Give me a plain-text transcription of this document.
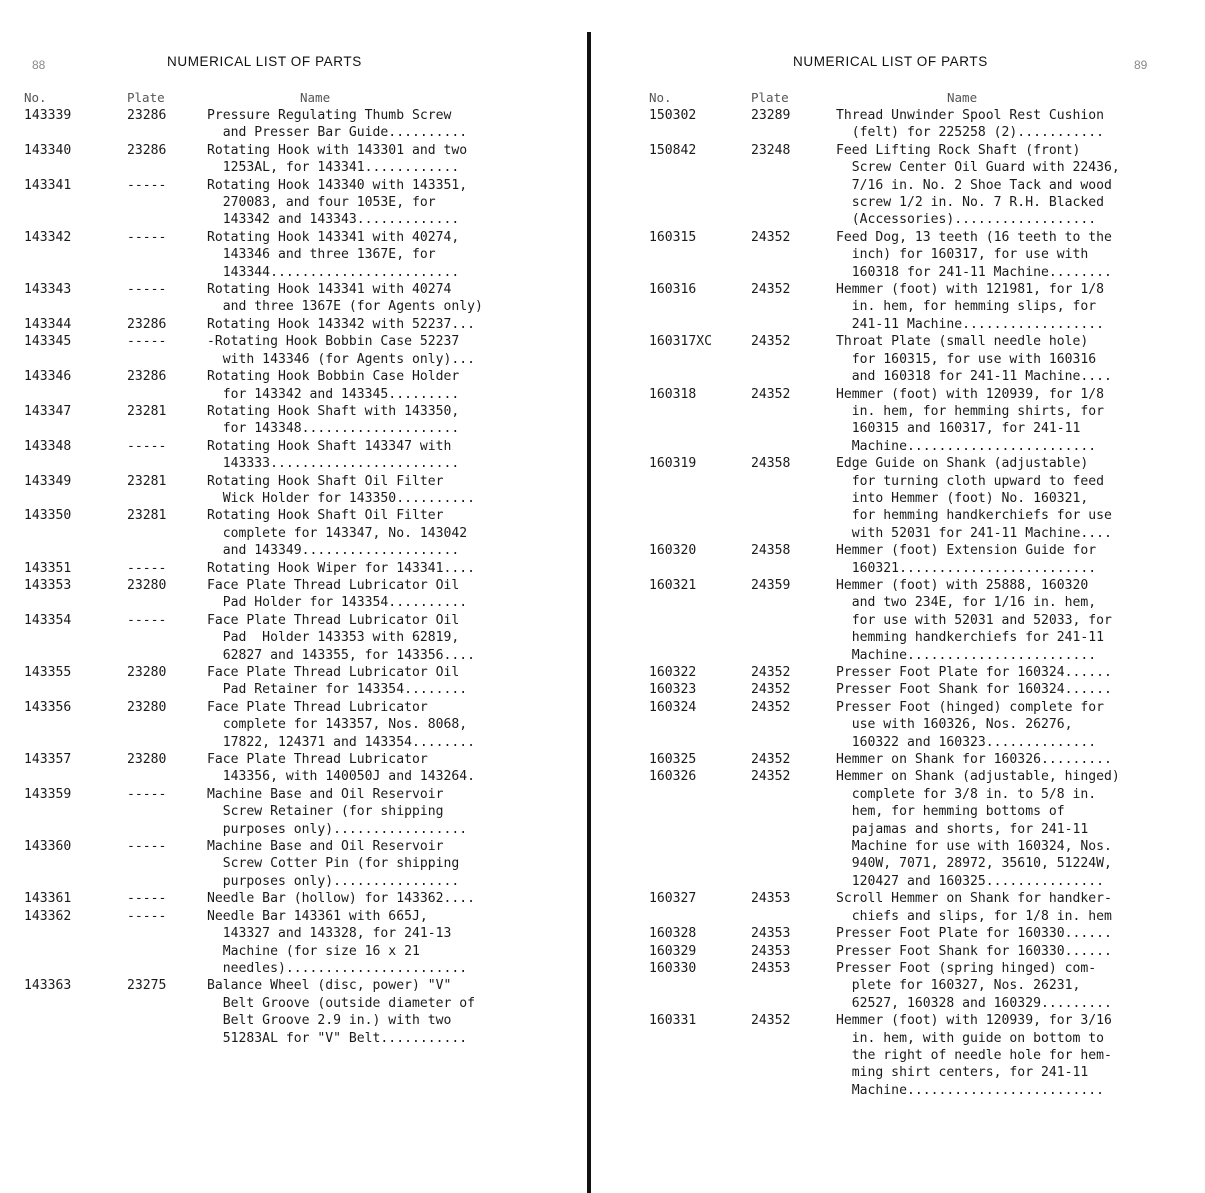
88	NUMERICAL LIST OF PARTS
No.	Plate	Name
143339	23286	Pressure Regulating Thumb Screw
and Presser Bar Guide..........
143340	23286	Rotating Hook with 143301 and two
1253AL, for 143341............
143341	-----	Rotating Hook 143340 with 143351,
270083, and four 1053E, for
143342 and 143343.............
143342	-----	Rotating Hook 143341 with 40274,
143346 and three 1367E, for
143344........................
143343	-----	Rotating Hook 143341 with 40274
and three 1367E (for Agents only)
143344	23286	Rotating Hook 143342 with 52237...
143345	-----	-Rotating Hook Bobbin Case 52237
with 143346 (for Agents only)...
143346	23286	Rotating Hook Bobbin Case Holder
for 143342 and 143345.........
143347	23281	Rotating Hook Shaft with 143350,
for 143348....................
143348	-----	Rotating Hook Shaft 143347 with
143333........................
143349	23281	Rotating Hook Shaft Oil Filter
Wick Holder for 143350..........
143350	23281	Rotating Hook Shaft Oil Filter
complete for 143347, No. 143042
and 143349....................
143351	-----	Rotating Hook Wiper for 143341....
143353	23280	Face Plate Thread Lubricator Oil
Pad Holder for 143354..........
143354	-----	Face Plate Thread Lubricator Oil
Pad  Holder 143353 with 62819,
62827 and 143355, for 143356....
143355	23280	Face Plate Thread Lubricator Oil
Pad Retainer for 143354........
143356	23280	Face Plate Thread Lubricator
complete for 143357, Nos. 8068,
17822, 124371 and 143354........
143357	23280	Face Plate Thread Lubricator
143356, with 140050J and 143264.
143359	-----	Machine Base and Oil Reservoir
Screw Retainer (for shipping
purposes only).................
143360	-----	Machine Base and Oil Reservoir
Screw Cotter Pin (for shipping
purposes only)................
143361	-----	Needle Bar (hollow) for 143362....
143362	-----	Needle Bar 143361 with 665J,
143327 and 143328, for 241-13
Machine (for size 16 x 21
needles).......................
143363	23275	Balance Wheel (disc, power) "V"
Belt Groove (outside diameter of
Belt Groove 2.9 in.) with two
51283AL for "V" Belt...........
NUMERICAL LIST OF PARTS	89
No.	Plate	Name
150302	23289	Thread Unwinder Spool Rest Cushion
(felt) for 225258 (2)...........
150842	23248	Feed Lifting Rock Shaft (front)
Screw Center Oil Guard with 22436,
7/16 in. No. 2 Shoe Tack and wood
screw 1/2 in. No. 7 R.H. Blacked
(Accessories)..................
160315	24352	Feed Dog, 13 teeth (16 teeth to the
inch) for 160317, for use with
160318 for 241-11 Machine........
160316	24352	Hemmer (foot) with 121981, for 1/8
in. hem, for hemming slips, for
241-11 Machine..................
160317XC	24352	Throat Plate (small needle hole)
for 160315, for use with 160316
and 160318 for 241-11 Machine....
160318	24352	Hemmer (foot) with 120939, for 1/8
in. hem, for hemming shirts, for
160315 and 160317, for 241-11
Machine........................
160319	24358	Edge Guide on Shank (adjustable)
for turning cloth upward to feed
into Hemmer (foot) No. 160321,
for hemming handkerchiefs for use
with 52031 for 241-11 Machine....
160320	24358	Hemmer (foot) Extension Guide for
160321.........................
160321	24359	Hemmer (foot) with 25888, 160320
and two 234E, for 1/16 in. hem,
for use with 52031 and 52033, for
hemming handkerchiefs for 241-11
Machine........................
160322	24352	Presser Foot Plate for 160324......
160323	24352	Presser Foot Shank for 160324......
160324	24352	Presser Foot (hinged) complete for
use with 160326, Nos. 26276,
160322 and 160323..............
160325	24352	Hemmer on Shank for 160326.........
160326	24352	Hemmer on Shank (adjustable, hinged)
complete for 3/8 in. to 5/8 in.
hem, for hemming bottoms of
pajamas and shorts, for 241-11
Machine for use with 160324, Nos.
940W, 7071, 28972, 35610, 51224W,
120427 and 160325...............
160327	24353	Scroll Hemmer on Shank for handker-
chiefs and slips, for 1/8 in. hem
160328	24353	Presser Foot Plate for 160330......
160329	24353	Presser Foot Shank for 160330......
160330	24353	Presser Foot (spring hinged) com-
plete for 160327, Nos. 26231,
62527, 160328 and 160329.........
160331	24352	Hemmer (foot) with 120939, for 3/16
in. hem, with guide on bottom to
the right of needle hole for hem-
ming shirt centers, for 241-11
Machine.........................
